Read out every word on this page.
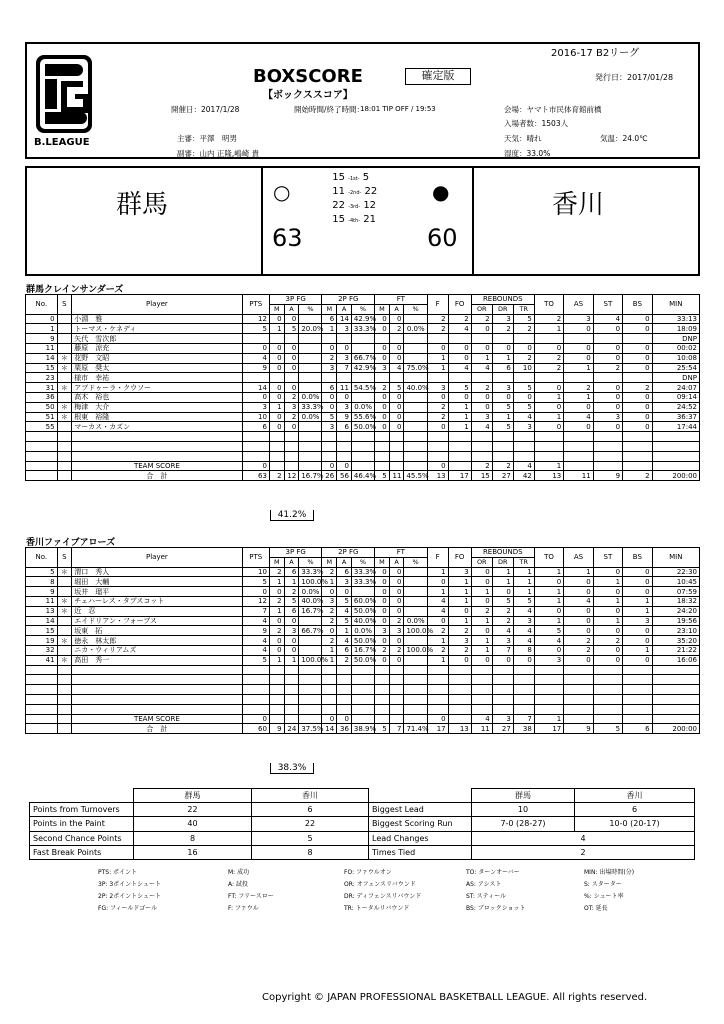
2016-17 B2リーグ
B.LEAGUE
BOXSCORE	確定版
【ボックススコア】
発行日：2017/01/28
開催日：2017/1/28	開始時間/終了時間：
18:01 TIP OFF / 19:53	会場：ヤマト市民体育館前橋
入場者数：1503人
天気：晴れ	気温：24.0℃
湿度：33.0%
主審：平澤　明男
副審：山内 正隆,嶋崎 貴
群馬	香川
○	●
63	60
15 -1st- 5
11 -2nd- 22
22 -3rd- 12
15 -4th- 21
群馬クレインサンダーズ
No.	S	Player	PTS	3P FG			2P FG			FT			F	FO	REBOUNDS			TO	AS	ST	BS	MIN
				M	A	%	M	A	%	M	A	%			OR	DR	TR					
0		小淵　雅	12	0	0		6	14	42.9%	0	0		2	2	2	3	5	2	3	4	0	33:13
1		トーマス・ケネディ	5	1	5	20.0%	1	3	33.3%	0	2	0.0%	2	4	0	2	2	1	0	0	0	18:09
9		矢代　雪次郎																				DNP
11		藤原　涼充	0	0	0		0	0		0	0		0	0	0	0	0	0	0	0	0	00:02
14	＊	花野　文昭	4	0	0		2	3	66.7%	0	0		1	0	1	1	2	2	0	0	0	10:08
15	＊	栗原　奨太	9	0	0		3	7	42.9%	3	4	75.0%	1	4	4	6	10	2	1	2	0	25:54
23		様市　幸祐																				DNP
31	＊	アブドゥーラ・クウソー	14	0	0		6	11	54.5%	2	5	40.0%	3	5	2	3	5	0	2	0	2	24:07
36		高木　裕也	0	0	2	0.0%	0	0		0	0		0	0	0	0	0	1	1	0	0	09:14
50	＊	梅津　大介	3	1	3	33.3%	0	3	0.0%	0	0		2	1	0	5	5	0	0	0	0	24:52
51	＊	根東　裕隆	10	0	2	0.0%	5	9	55.6%	0	0		2	1	3	1	4	1	4	3	0	36:37
55		マーカス・カズン	6	0	0		3	6	50.0%	0	0		0	1	4	5	3	0	0	0	0	17:44

		TEAM SCORE	0				0	0					0		2	2	4	1				
		合　計	63	2	12	16.7%	26	56	46.4%	5	11	45.5%	13	17	15	27	42	13	11	9	2	200:00
41.2%
香川ファイブアローズ
No.	S	Player	PTS	3P FG			2P FG			FT			F	FO	REBOUNDS			TO	AS	ST	BS	MIN
				M	A	%	M	A	%	M	A	%			OR	DR	TR					
5	＊	渭口　秀人	10	2	6	33.3%	2	6	33.3%	0	0		1	3	0	1	1	1	1	0	0	22:30
8		堀田　大輔	5	1	1	100.0%	1	3	33.3%	0	0		0	1	0	1	1	0	0	1	0	10:45
9		坂井　瑠平	0	0	2	0.0%	0	0		0	0		1	1	1	0	1	1	0	0	0	07:59
11	＊	チェハーレス・タプスコット	12	2	5	40.0%	3	5	60.0%	0	0		4	1	0	5	5	1	4	1	1	18:32
13	＊	近　忍	7	1	6	16.7%	2	4	50.0%	0	0		4	0	2	2	4	0	0	0	1	24:20
14		エイドリアン・フォーブス	4	0	0		2	5	40.0%	0	2	0.0%	0	1	1	2	3	1	0	1	3	19:56
15		坂東　拓	9	2	3	66.7%	0	1	0.0%	3	3	100.0%	2	2	0	4	4	5	0	0	0	23:10
19	＊	徳永　林太郎	4	0	0		2	4	50.0%	0	0		1	3	1	3	4	4	2	2	0	35:20
32		ニカ・ウィリアムズ	4	0	0		1	6	16.7%	2	2	100.0%	2	2	1	7	8	0	2	0	1	21:22
41	＊	高田　秀一	5	1	1	100.0%	1	2	50.0%	0	0		1	0	0	0	0	3	0	0	0	16:06

		TEAM SCORE	0				0	0					0		4	3	7	1				
		合　計	60	9	24	37.5%	14	36	38.9%	5	7	71.4%	17	13	11	27	38	17	9	5	6	200:00
38.3%
	群馬	香川		群馬	香川
Points from Turnovers	22	6	Biggest Lead	10	6
Points in the Paint	40	22	Biggest Scoring Run	7-0 (28-27)	10-0 (20-17)
Second Chance Points	8	5	Lead Changes	4	
Fast Break Points	16	8	Times Tied	2	
PTS: ポイント	M: 成功	FO: ファウルオン	TO: ターンオーバー	MIN: 出場時間(分)
3P: 3ポイントシュート	A: 試投	OR: オフェンスリバウンド	AS: アシスト	S: スターター
2P: 2ポイントシュート	FT: フリースロー	DR: ディフェンスリバウンド	ST: スティール	%: シュート率
FG: フィールドゴール	F: ファウル	TR: トータルリバウンド	BS: ブロックショット	OT: 延長
Copyright © JAPAN PROFESSIONAL BASKETBALL LEAGUE. All rights reserved.
